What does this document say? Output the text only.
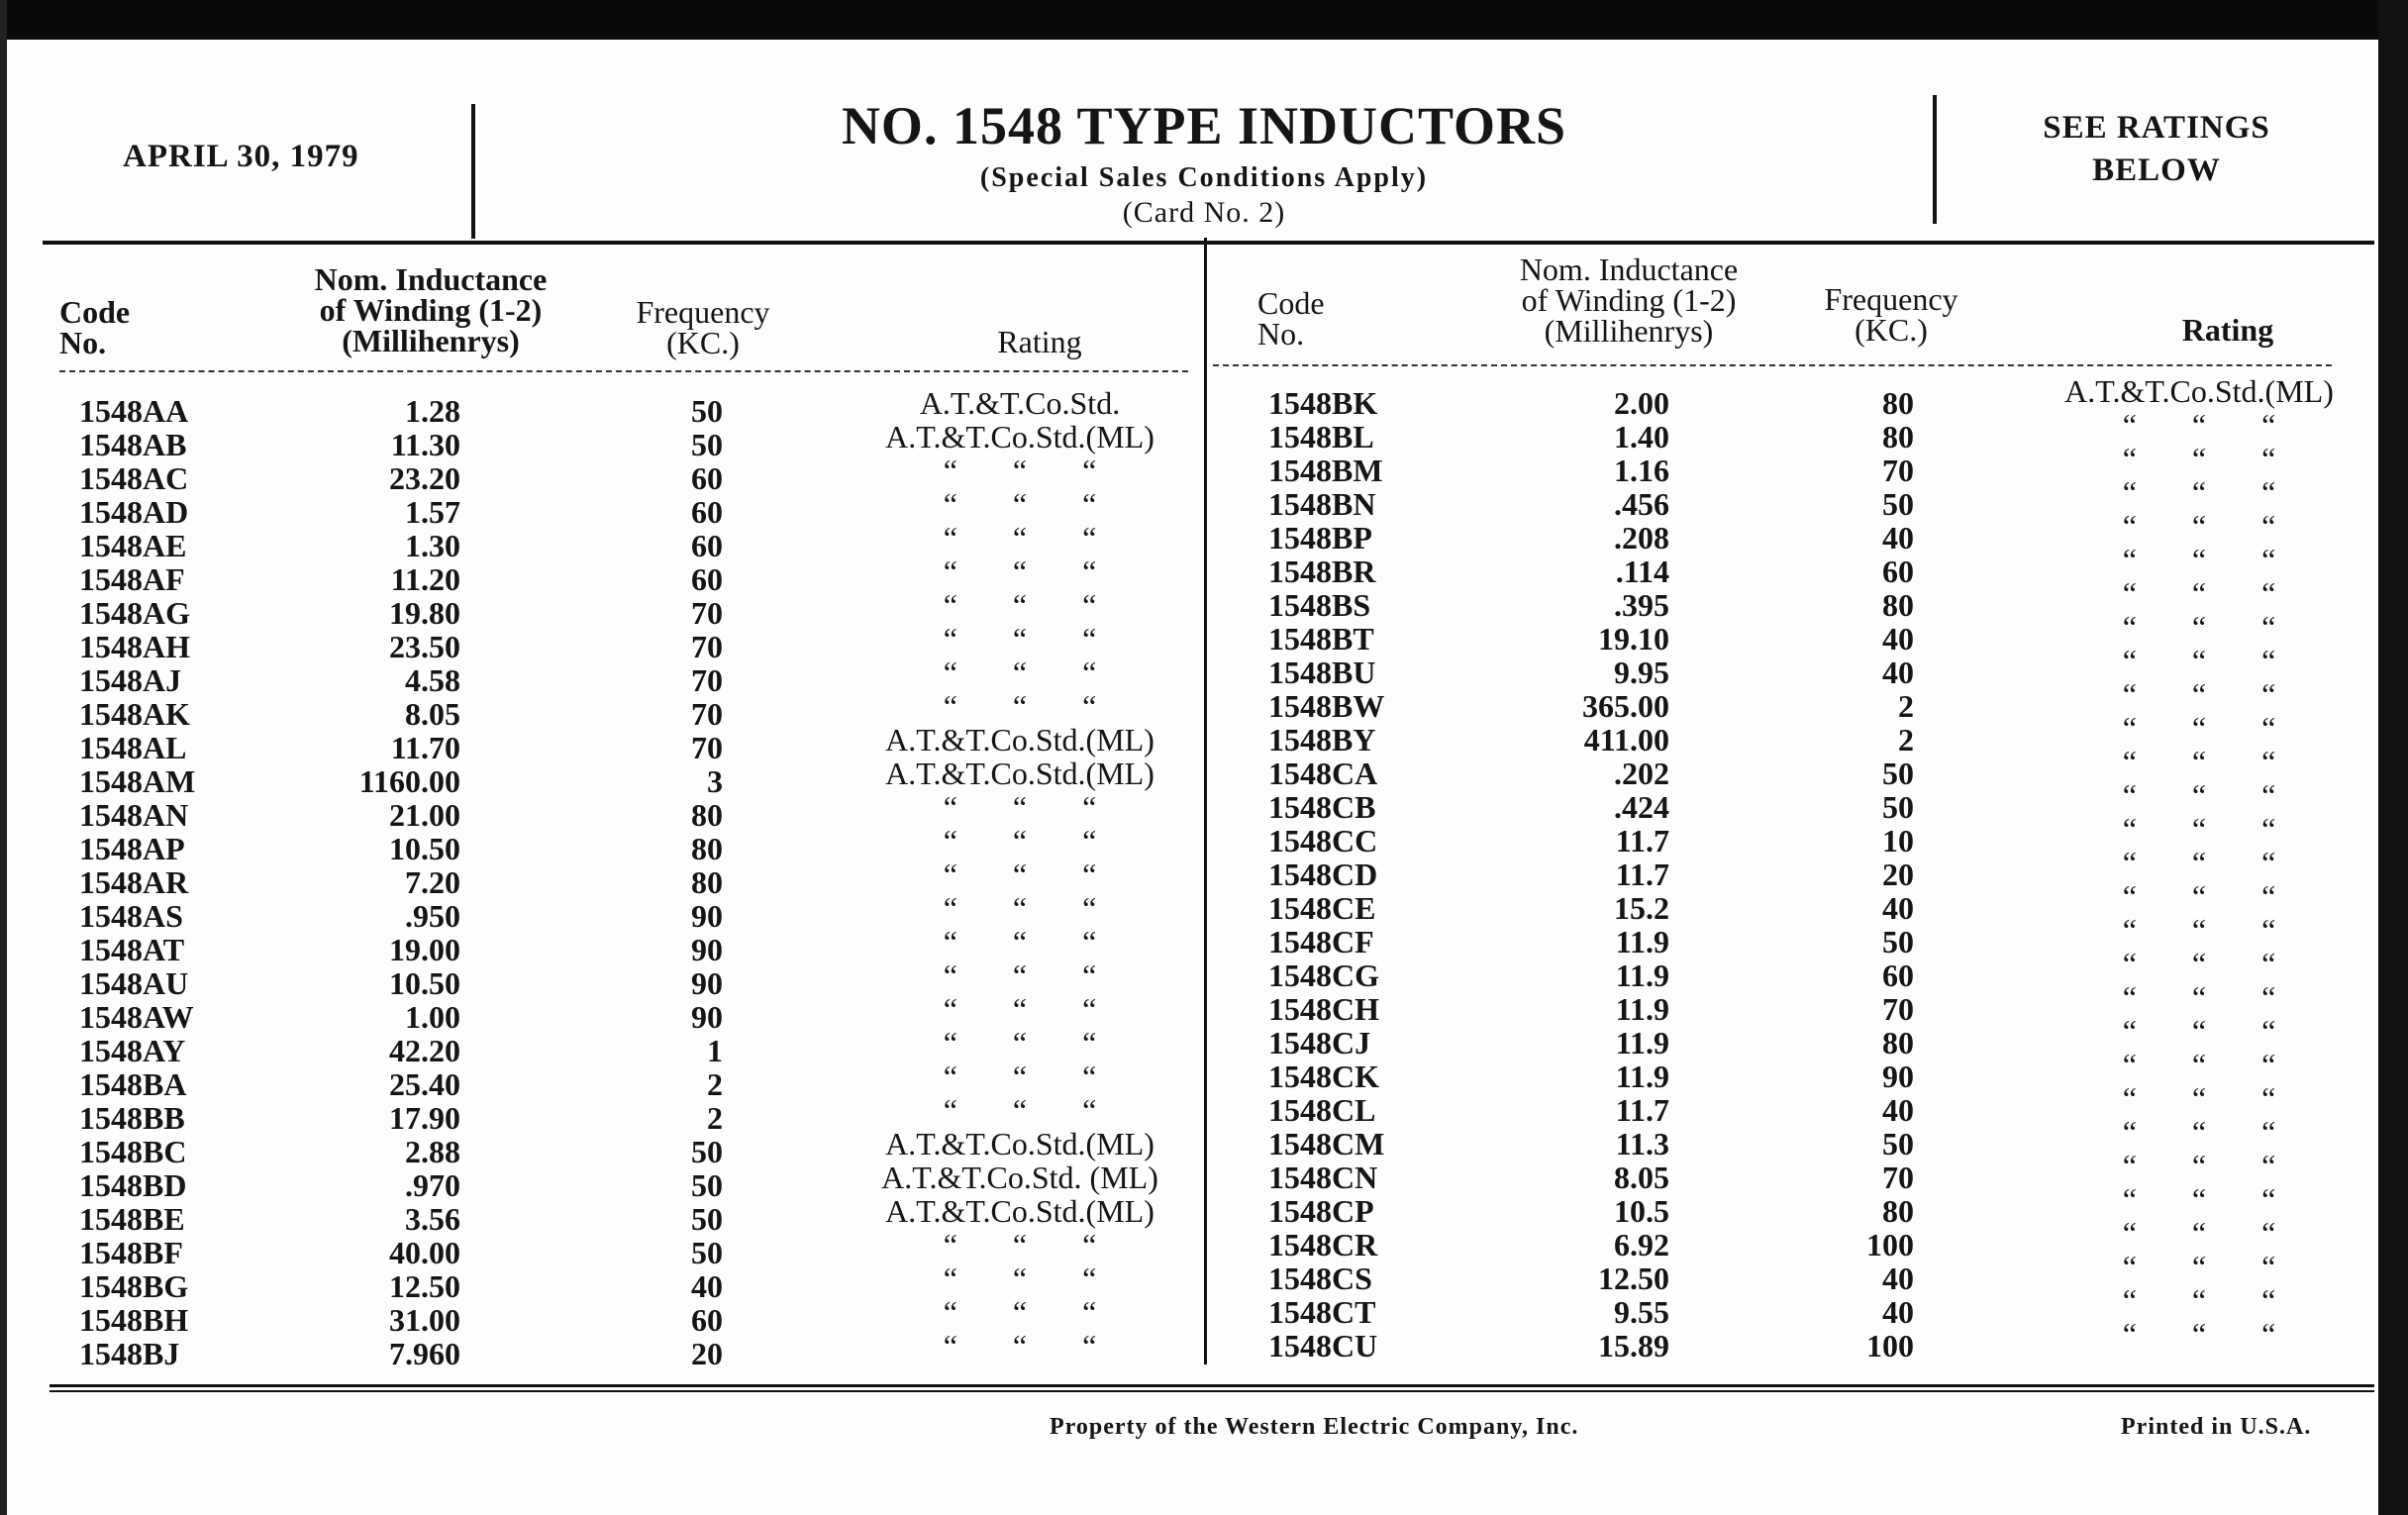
APRIL 30, 1979
NO. 1548 TYPE INDUCTORS
(Special Sales Conditions Apply)
(Card No. 2)
SEE RATINGS
BELOW
Code
No.
Nom. Inductance
of Winding (1-2)
(Millihenrys)
Frequency
(KC.)	Rating
Code
No.
Nom. Inductance
of Winding (1-2)
(Millihenrys)
Frequency
(KC.)	Rating
1548AA	1.28	50	A.T.&T.Co.Std.
1548AB	11.30	50	A.T.&T.Co.Std.(ML)
1548AC	23.20	60	“       “       “
1548AD	1.57	60	“       “       “
1548AE	1.30	60	“       “       “
1548AF	11.20	60	“       “       “
1548AG	19.80	70	“       “       “
1548AH	23.50	70	“       “       “
1548AJ	4.58	70	“       “       “
1548AK	8.05	70	“       “       “
1548AL	11.70	70	A.T.&T.Co.Std.(ML)
1548AM	1160.00	3	A.T.&T.Co.Std.(ML)
1548AN	21.00	80	“       “       “
1548AP	10.50	80	“       “       “
1548AR	7.20	80	“       “       “
1548AS	.950	90	“       “       “
1548AT	19.00	90	“       “       “
1548AU	10.50	90	“       “       “
1548AW	1.00	90	“       “       “
1548AY	42.20	1	“       “       “
1548BA	25.40	2	“       “       “
1548BB	17.90	2	“       “       “
1548BC	2.88	50	A.T.&T.Co.Std.(ML)
1548BD	.970	50	A.T.&T.Co.Std. (ML)
1548BE	3.56	50	A.T.&T.Co.Std.(ML)
1548BF	40.00	50	“       “       “
1548BG	12.50	40	“       “       “
1548BH	31.00	60	“       “       “
1548BJ	7.960	20	“       “       “
1548BK	2.00	80	A.T.&T.Co.Std.(ML)
1548BL	1.40	80	“       “       “
1548BM	1.16	70	“       “       “
1548BN	.456	50	“       “       “
1548BP	.208	40	“       “       “
1548BR	.114	60	“       “       “
1548BS	.395	80	“       “       “
1548BT	19.10	40	“       “       “
1548BU	9.95	40	“       “       “
1548BW	365.00	2	“       “       “
1548BY	411.00	2	“       “       “
1548CA	.202	50	“       “       “
1548CB	.424	50	“       “       “
1548CC	11.7	10	“       “       “
1548CD	11.7	20	“       “       “
1548CE	15.2	40	“       “       “
1548CF	11.9	50	“       “       “
1548CG	11.9	60	“       “       “
1548CH	11.9	70	“       “       “
1548CJ	11.9	80	“       “       “
1548CK	11.9	90	“       “       “
1548CL	11.7	40	“       “       “
1548CM	11.3	50	“       “       “
1548CN	8.05	70	“       “       “
1548CP	10.5	80	“       “       “
1548CR	6.92	100	“       “       “
1548CS	12.50	40	“       “       “
1548CT	9.55	40	“       “       “
1548CU	15.89	100	“       “       “
Property of the Western Electric Company, Inc.	Printed in U.S.A.
